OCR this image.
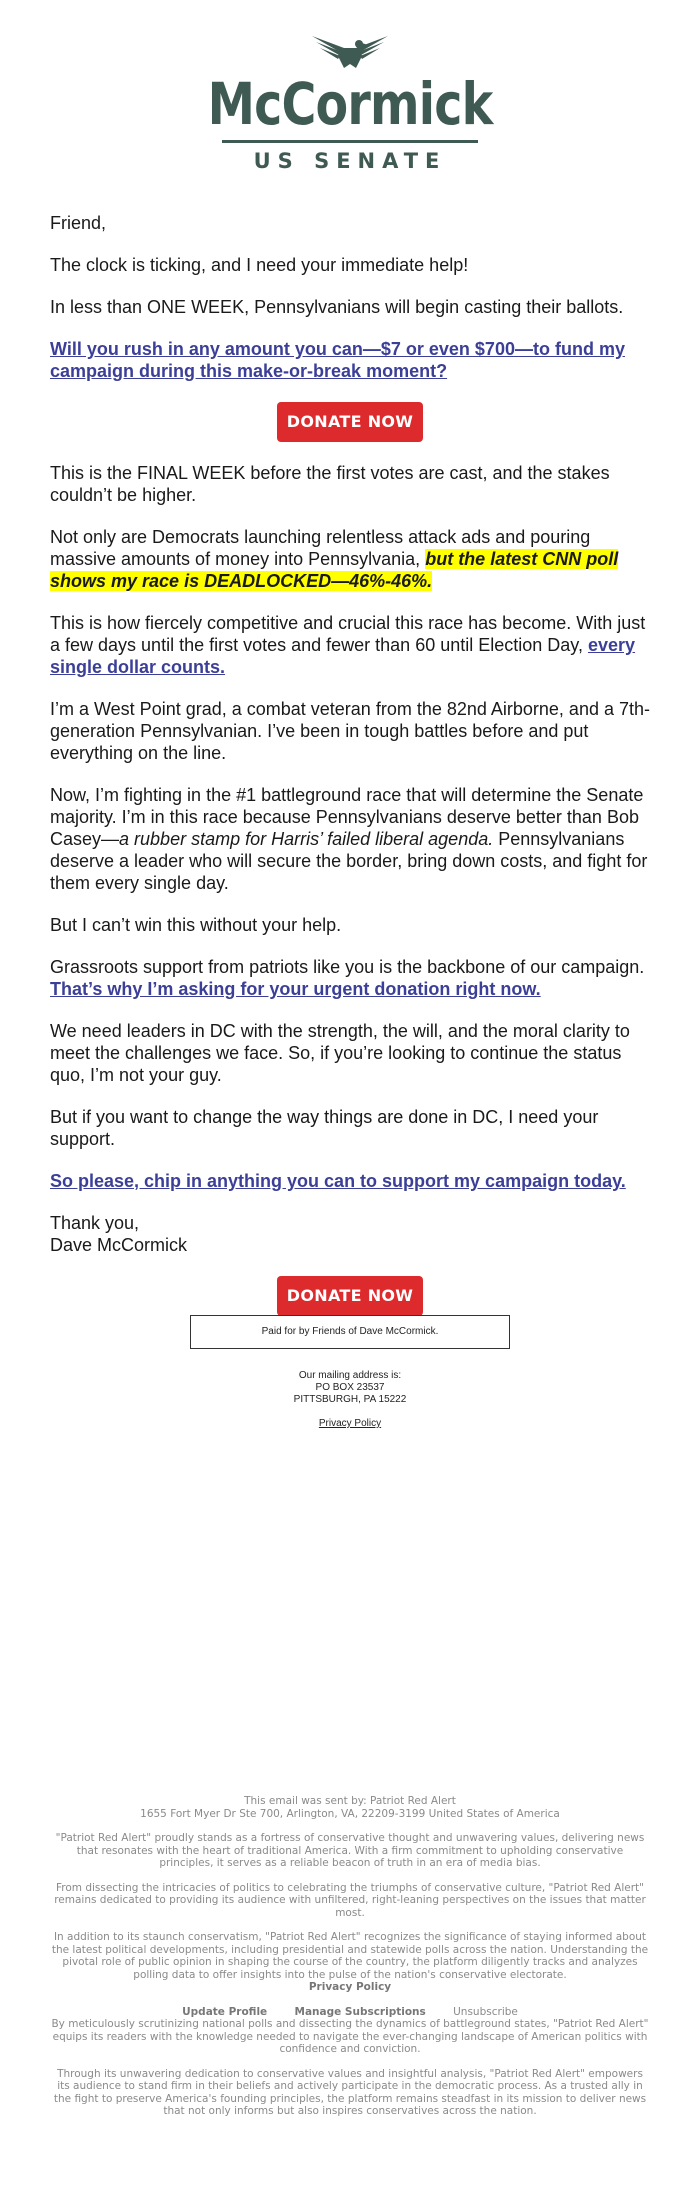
McCormick
US SENATE

Friend,

The clock is ticking, and I need your immediate help!

In less than ONE WEEK, Pennsylvanians will begin casting their ballots.

Will you rush in any amount you can—$7 or even $700—to fund my campaign during this make-or-break moment?

DONATE NOW

This is the FINAL WEEK before the first votes are cast, and the stakes couldn’t be higher.

Not only are Democrats launching relentless attack ads and pouring massive amounts of money into Pennsylvania, but the latest CNN poll shows my race is DEADLOCKED—46%-46%.

This is how fiercely competitive and crucial this race has become. With just a few days until the first votes and fewer than 60 until Election Day, every single dollar counts.

I’m a West Point grad, a combat veteran from the 82nd Airborne, and a 7th-generation Pennsylvanian. I’ve been in tough battles before and put everything on the line.

Now, I’m fighting in the #1 battleground race that will determine the Senate majority. I’m in this race because Pennsylvanians deserve better than Bob Casey—a rubber stamp for Harris’ failed liberal agenda. Pennsylvanians deserve a leader who will secure the border, bring down costs, and fight for them every single day.

But I can’t win this without your help.

Grassroots support from patriots like you is the backbone of our campaign. That’s why I’m asking for your urgent donation right now.

We need leaders in DC with the strength, the will, and the moral clarity to meet the challenges we face. So, if you’re looking to continue the status quo, I’m not your guy.

But if you want to change the way things are done in DC, I need your support.

So please, chip in anything you can to support my campaign today.

Thank you,
Dave McCormick

DONATE NOW
Paid for by Friends of Dave McCormick.
Our mailing address is:
PO BOX 23537
PITTSBURGH, PA 15222
Privacy Policy

This email was sent by: Patriot Red Alert
1655 Fort Myer Dr Ste 700, Arlington, VA, 22209-3199 United States of America

"Patriot Red Alert" proudly stands as a fortress of conservative thought and unwavering values, delivering news that resonates with the heart of traditional America. With a firm commitment to upholding conservative principles, it serves as a reliable beacon of truth in an era of media bias.

From dissecting the intricacies of politics to celebrating the triumphs of conservative culture, "Patriot Red Alert" remains dedicated to providing its audience with unfiltered, right-leaning perspectives on the issues that matter most.

In addition to its staunch conservatism, "Patriot Red Alert" recognizes the significance of staying informed about the latest political developments, including presidential and statewide polls across the nation. Understanding the pivotal role of public opinion in shaping the course of the country, the platform diligently tracks and analyzes polling data to offer insights into the pulse of the nation's conservative electorate.

Privacy Policy

Update Profile	Manage Subscriptions	Unsubscribe

By meticulously scrutinizing national polls and dissecting the dynamics of battleground states, "Patriot Red Alert" equips its readers with the knowledge needed to navigate the ever-changing landscape of American politics with confidence and conviction.

Through its unwavering dedication to conservative values and insightful analysis, "Patriot Red Alert" empowers its audience to stand firm in their beliefs and actively participate in the democratic process. As a trusted ally in the fight to preserve America's founding principles, the platform remains steadfast in its mission to deliver news that not only informs but also inspires conservatives across the nation.
